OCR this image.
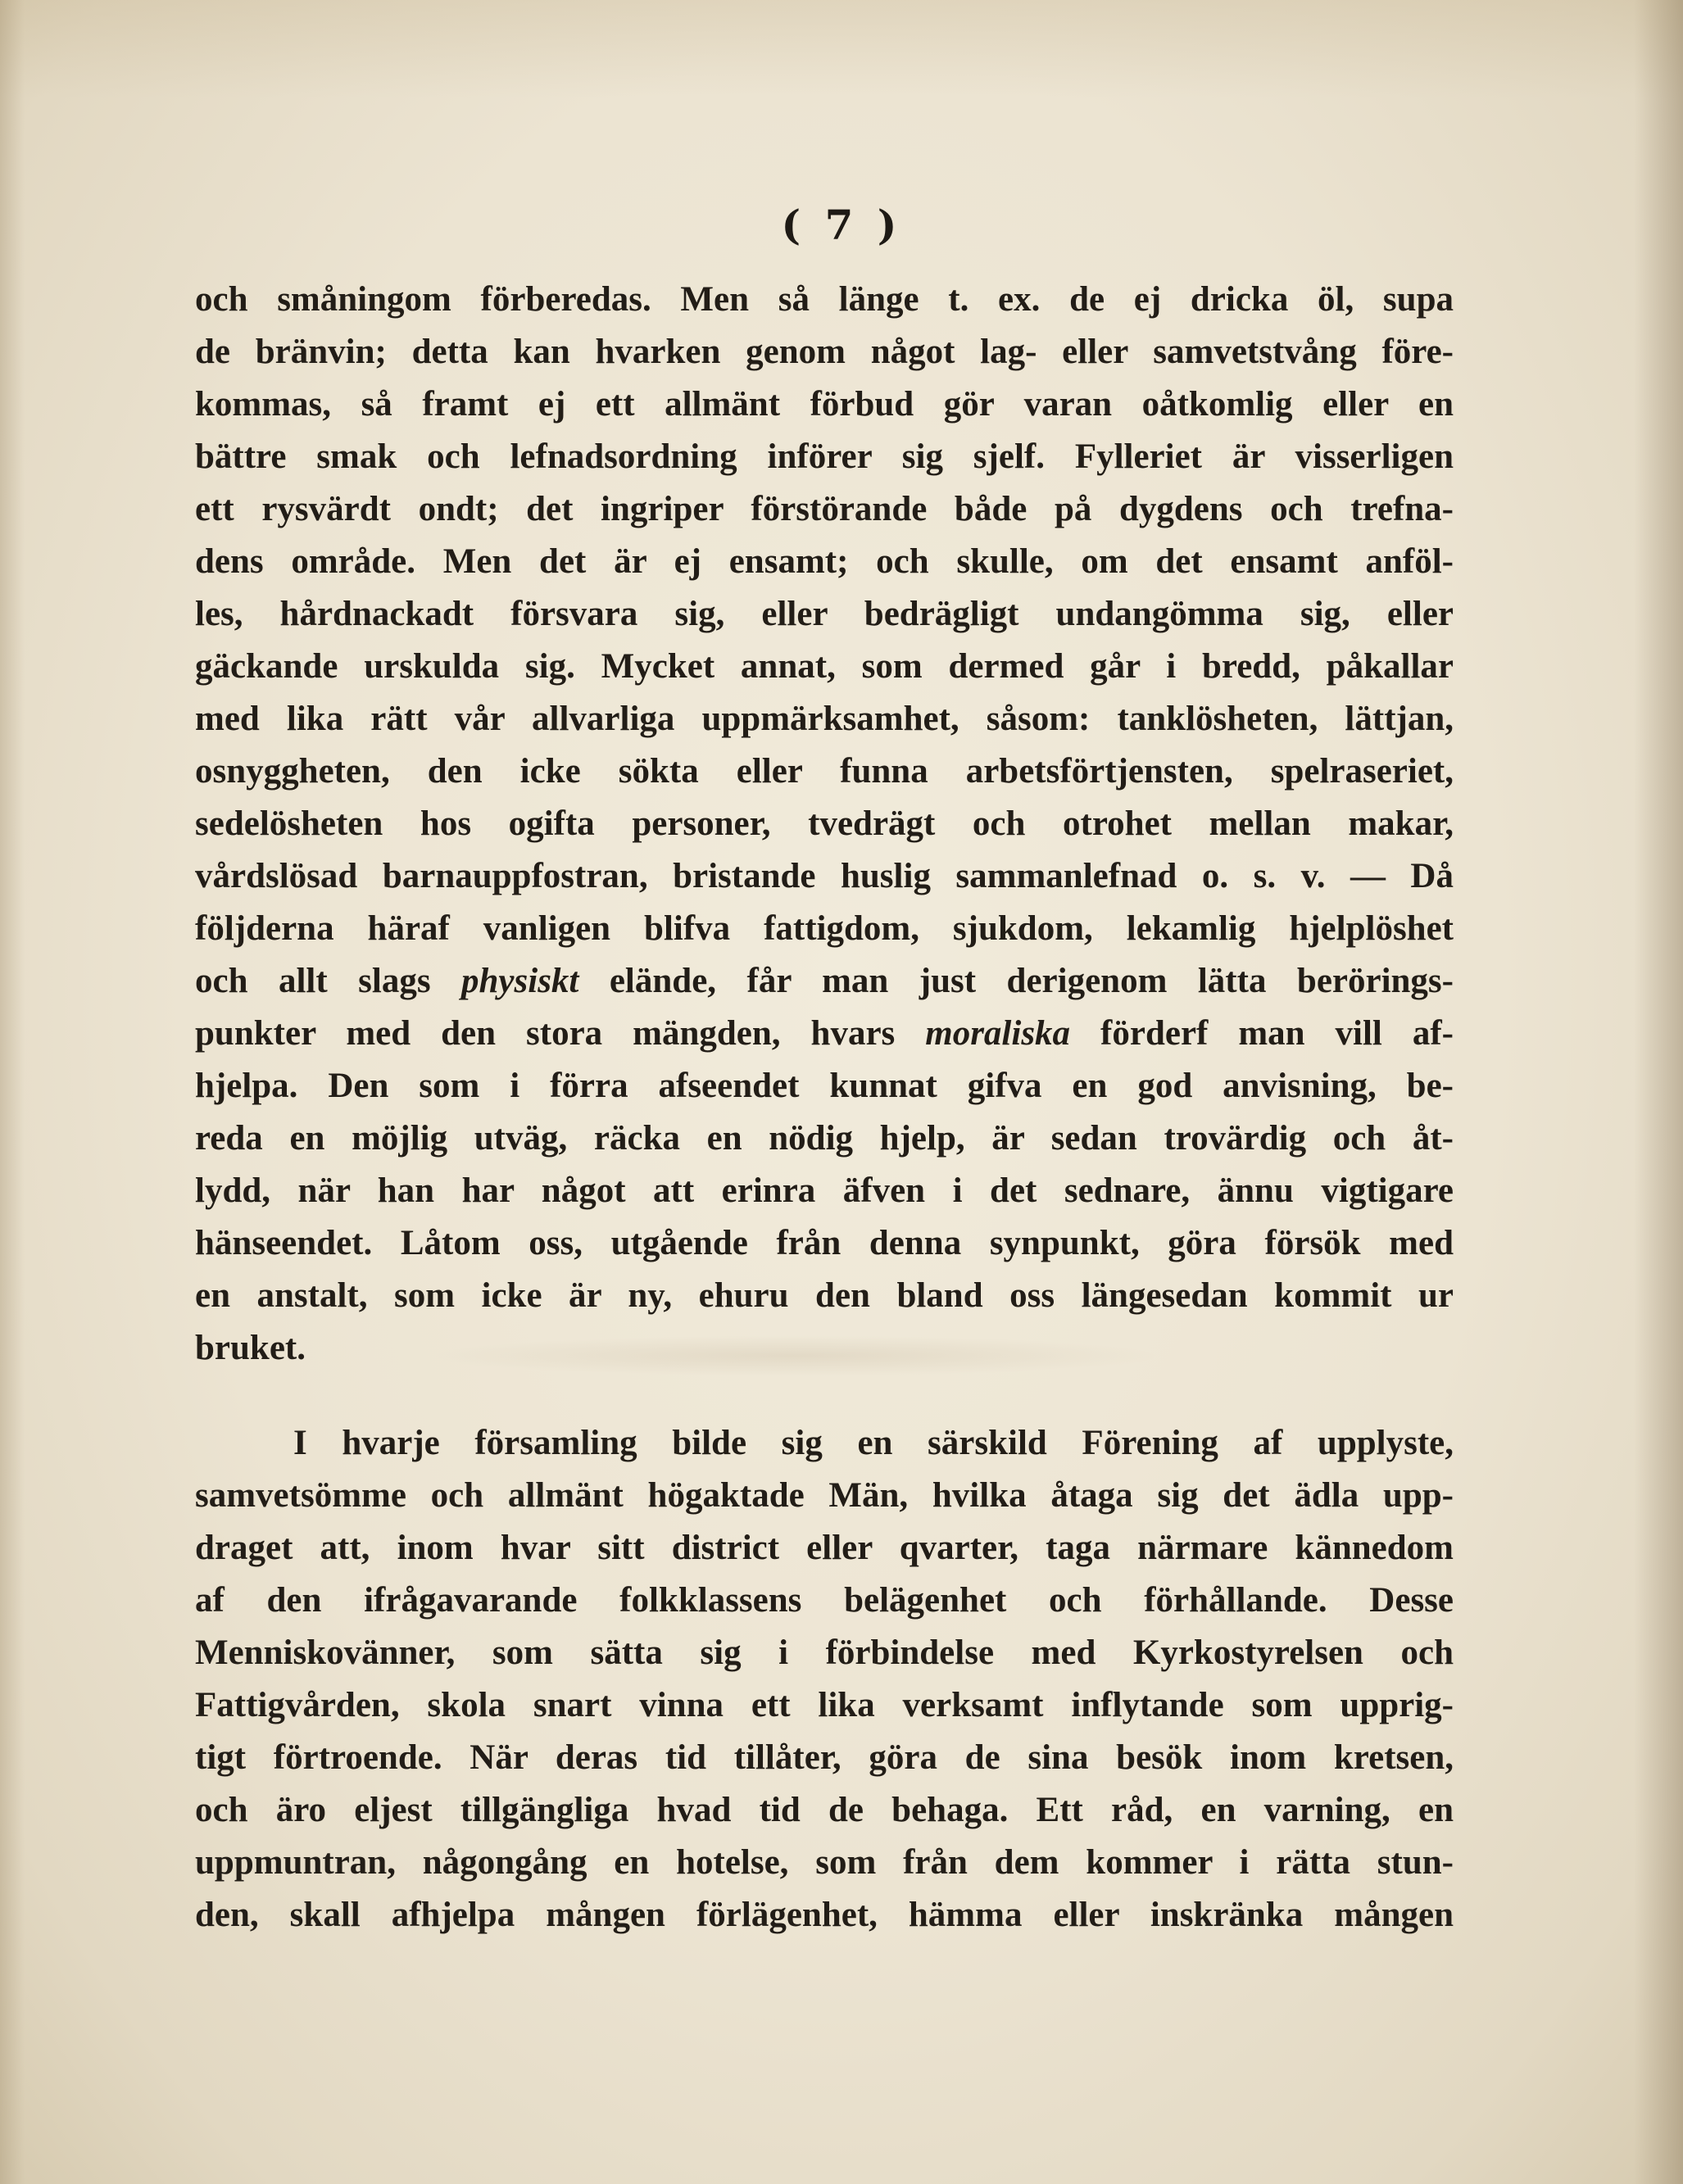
( 7 )
och småningom förberedas. Men så länge t. ex. de ej dricka öl, supa
de bränvin; detta kan hvarken genom något lag- eller samvetstvång före-
kommas, så framt ej ett allmänt förbud gör varan oåtkomlig eller en
bättre smak och lefnadsordning införer sig sjelf. Fylleriet är visserligen
ett rysvärdt ondt; det ingriper förstörande både på dygdens och trefna-
dens område. Men det är ej ensamt; och skulle, om det ensamt anföl-
les, hårdnackadt försvara sig, eller bedrägligt undangömma sig, eller
gäckande urskulda sig. Mycket annat, som dermed går i bredd, påkallar
med lika rätt vår allvarliga uppmärksamhet, såsom: tanklösheten, lättjan,
osnyggheten, den icke sökta eller funna arbetsförtjensten, spelraseriet,
sedelösheten hos ogifta personer, tvedrägt och otrohet mellan makar,
vårdslösad barnauppfostran, bristande huslig sammanlefnad o. s. v. — Då
följderna häraf vanligen blifva fattigdom, sjukdom, lekamlig hjelplöshet
och allt slags physiskt elände, får man just derigenom lätta berörings-
punkter med den stora mängden, hvars moraliska förderf man vill af-
hjelpa. Den som i förra afseendet kunnat gifva en god anvisning, be-
reda en möjlig utväg, räcka en nödig hjelp, är sedan trovärdig och åt-
lydd, när han har något att erinra äfven i det sednare, ännu vigtigare
hänseendet. Låtom oss, utgående från denna synpunkt, göra försök med
en anstalt, som icke är ny, ehuru den bland oss längesedan kommit ur
bruket.
I hvarje församling bilde sig en särskild Förening af upplyste,
samvetsömme och allmänt högaktade Män, hvilka åtaga sig det ädla upp-
draget att, inom hvar sitt district eller qvarter, taga närmare kännedom
af den ifrågavarande folkklassens belägenhet och förhållande. Desse
Menniskovänner, som sätta sig i förbindelse med Kyrkostyrelsen och
Fattigvården, skola snart vinna ett lika verksamt inflytande som upprig-
tigt förtroende. När deras tid tillåter, göra de sina besök inom kretsen,
och äro eljest tillgängliga hvad tid de behaga. Ett råd, en varning, en
uppmuntran, någongång en hotelse, som från dem kommer i rätta stun-
den, skall afhjelpa mången förlägenhet, hämma eller inskränka mången
